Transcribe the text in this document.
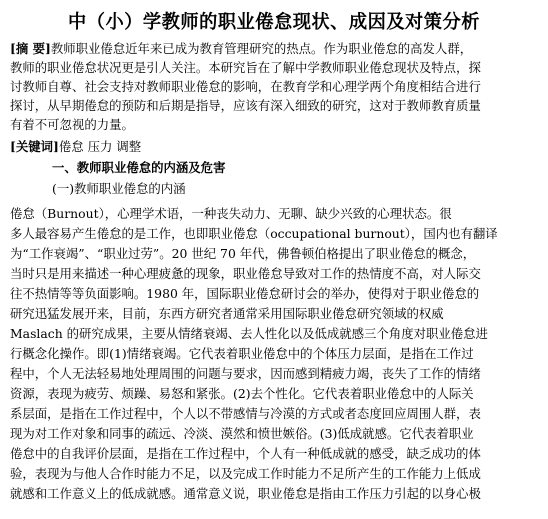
中（小）学教师的职业倦怠现状、成因及对策分析
[摘 要]教师职业倦怠近年来已成为教育管理研究的热点。作为职业倦怠的高发人群，
教师的职业倦怠状况更是引人关注。本研究旨在了解中学教师职业倦怠现状及特点，探
讨教师自尊、社会支持对教师职业倦怠的影响，在教育学和心理学两个角度相结合进行
探讨，从早期倦怠的预防和后期是指导，应该有深入细致的研究，这对于教师教育质量
有着不可忽视的力量。
[关键词]倦怠 压力 调整
一、教师职业倦怠的内涵及危害
(一)教师职业倦怠的内涵
倦怠（Burnout），心理学术语，一种丧失动力、无聊、缺少兴致的心理状态。很
多人最容易产生倦怠的是工作，也即职业倦怠（occupational burnout），国内也有翻译
为“工作衰竭”、“职业过劳”。20 世纪 70 年代，佛鲁顿伯格提出了职业倦怠的概念，
当时只是用来描述一种心理疲惫的现象，职业倦怠导致对工作的热情度不高，对人际交
往不热情等等负面影响。1980 年，国际职业倦怠研讨会的举办，使得对于职业倦怠的
研究迅猛发展开来，目前，东西方研究者通常采用国际职业倦怠研究领域的权威
Maslach 的研究成果，主要从情绪衰竭、去人性化以及低成就感三个角度对职业倦怠进
行概念化操作。即(1)情绪衰竭。它代表着职业倦怠中的个体压力层面，是指在工作过
程中，个人无法轻易地处理周围的问题与要求，因而感到精疲力竭，丧失了工作的情绪
资源，表现为疲劳、烦躁、易怒和紧张。(2)去个性化。它代表着职业倦怠中的人际关
系层面，是指在工作过程中，个人以不带感情与冷漠的方式或者态度回应周围人群，表
现为对工作对象和同事的疏远、冷淡、漠然和愤世嫉俗。(3)低成就感。它代表着职业
倦怠中的自我评价层面，是指在工作过程中，个人有一种低成就的感受，缺乏成功的体
验，表现为与他人合作时能力不足，以及完成工作时能力不足所产生的工作能力上低成
就感和工作意义上的低成就感。通常意义说，职业倦怠是指由工作压力引起的以身心极
